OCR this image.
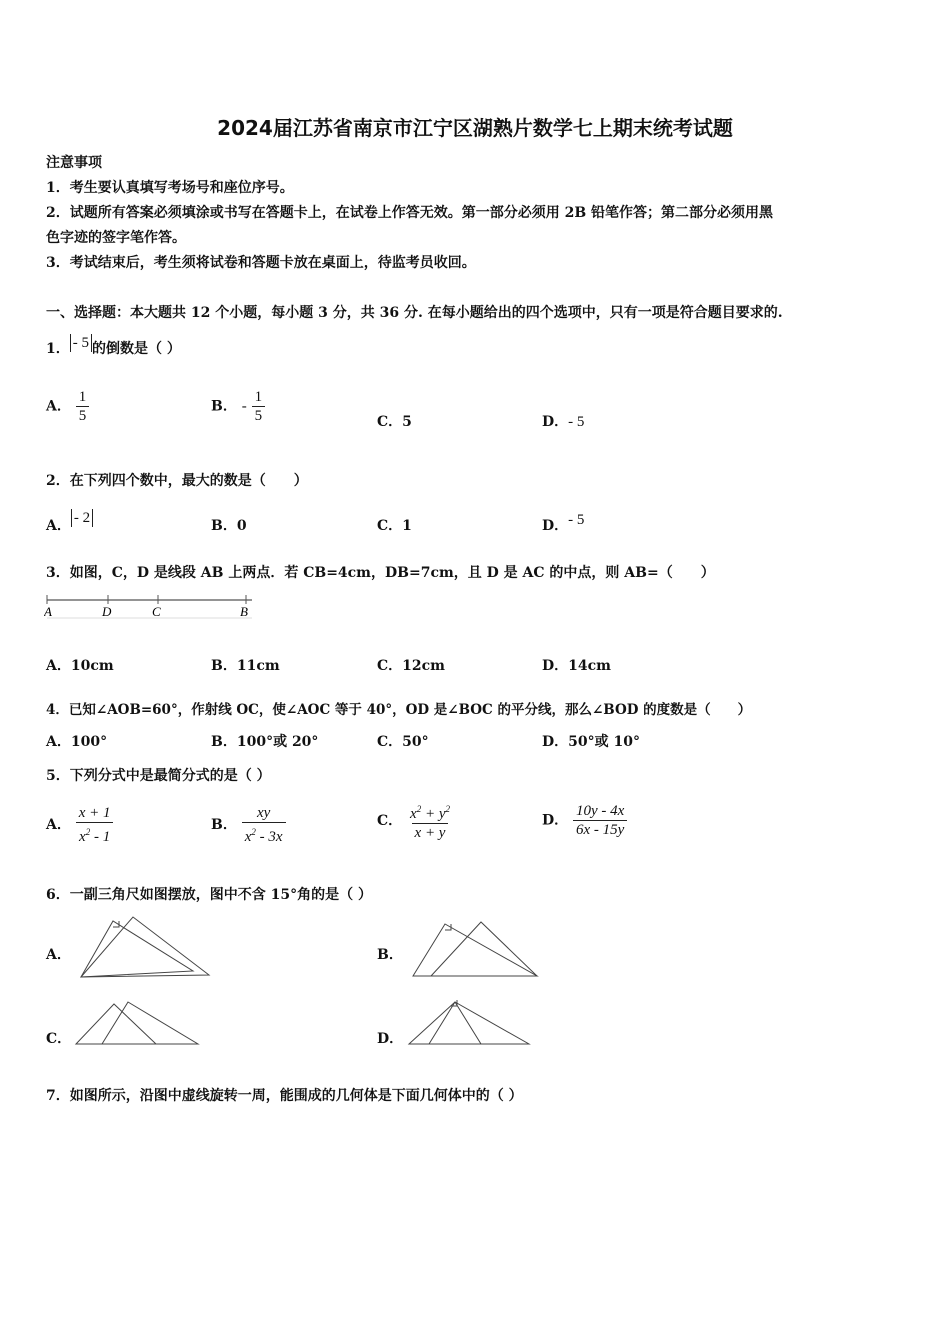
2024届江苏省南京市江宁区湖熟片数学七上期末统考试题
注意事项
1．考生要认真填写考场号和座位序号。
2．试题所有答案必须填涂或书写在答题卡上，在试卷上作答无效。第一部分必须用 2B 铅笔作答；第二部分必须用黑
色字迹的签字笔作答。
3．考试结束后，考生须将试卷和答题卡放在桌面上，待监考员收回。
一、选择题：本大题共 12 个小题，每小题 3 分，共 36 分. 在每小题给出的四个选项中，只有一项是符合题目要求的.
1． - 5 的倒数是（ ）
A． $\frac{1}{5}$	B． - $\frac{1}{5}$	C．5	D．- 5
2．在下列四个数中，最大的数是（　　）
A． - 2	B．0	C．1	D．- 5
3．如图，C，D 是线段 AB 上两点．若 CB=4cm，DB=7cm，且 D 是 AC 的中点，则 AB=（　　）
A	D	C	B
A．10cm	B．11cm	C．12cm	D．14cm
4．已知∠AOB=60°，作射线 OC，使∠AOC 等于 40°，OD 是∠BOC 的平分线，那么∠BOD 的度数是（　　）
A．100°	B．100°或 20°	C．50°	D．50°或 10°
5．下列分式中是最简分式的是（ ）
A． $\frac{x + 1}{x^2 - 1}$	B． $\frac{xy}{x^2 - 3x}$	C． $\frac{x^2 + y^2}{x + y}$	D． $\frac{10y - 4x}{6x - 15y}$
6．一副三角尺如图摆放，图中不含 15°角的是（ ）
A．	B．
C．	D．
7．如图所示，沿图中虚线旋转一周，能围成的几何体是下面几何体中的（ ）
